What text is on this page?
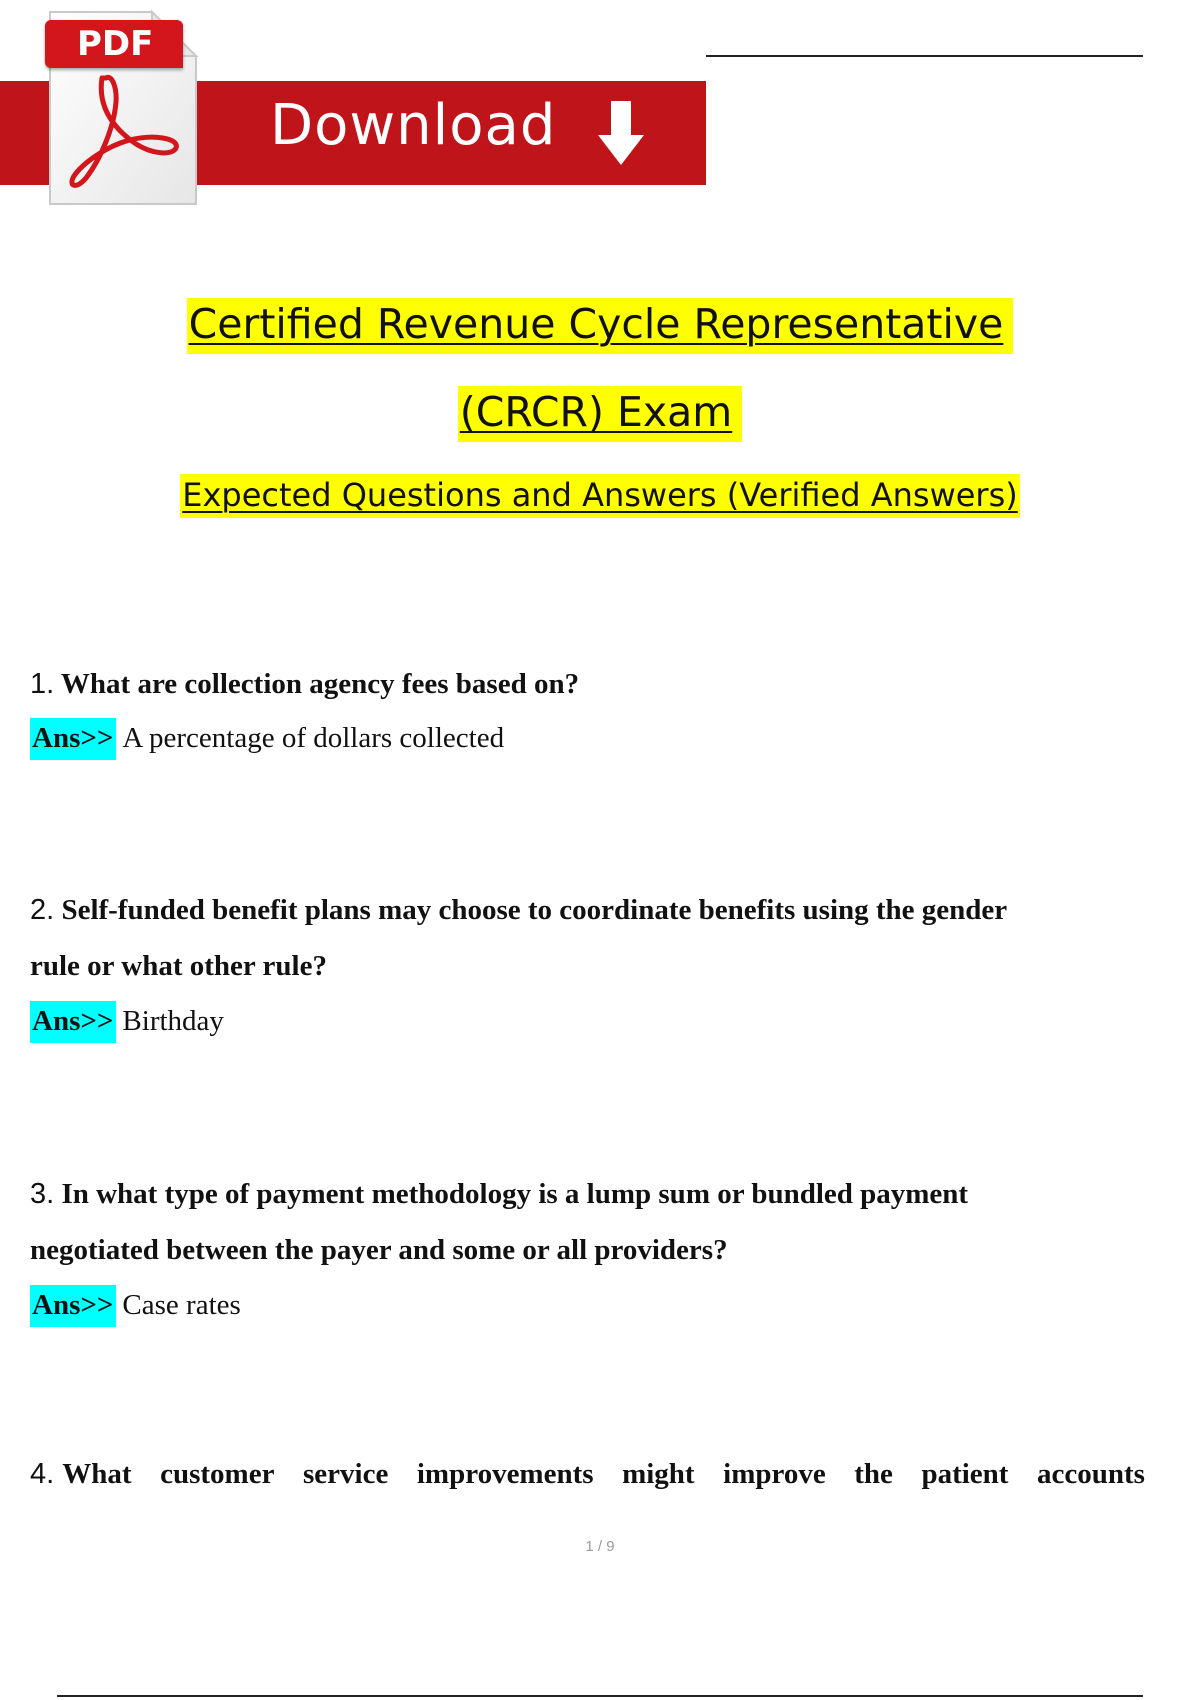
Download
PDF
Certified Revenue Cycle Representative
(CRCR) Exam
Expected Questions and Answers (Verified Answers)
1. What are collection agency fees based on?
Ans>> A percentage of dollars collected
2. Self-funded benefit plans may choose to coordinate benefits using the gender
rule or what other rule?
Ans>> Birthday
3. In what type of payment methodology is a lump sum or bundled payment
negotiated between the payer and some or all providers?
Ans>> Case rates
4. What customer service improvements might improve the patient accounts
1 / 9
